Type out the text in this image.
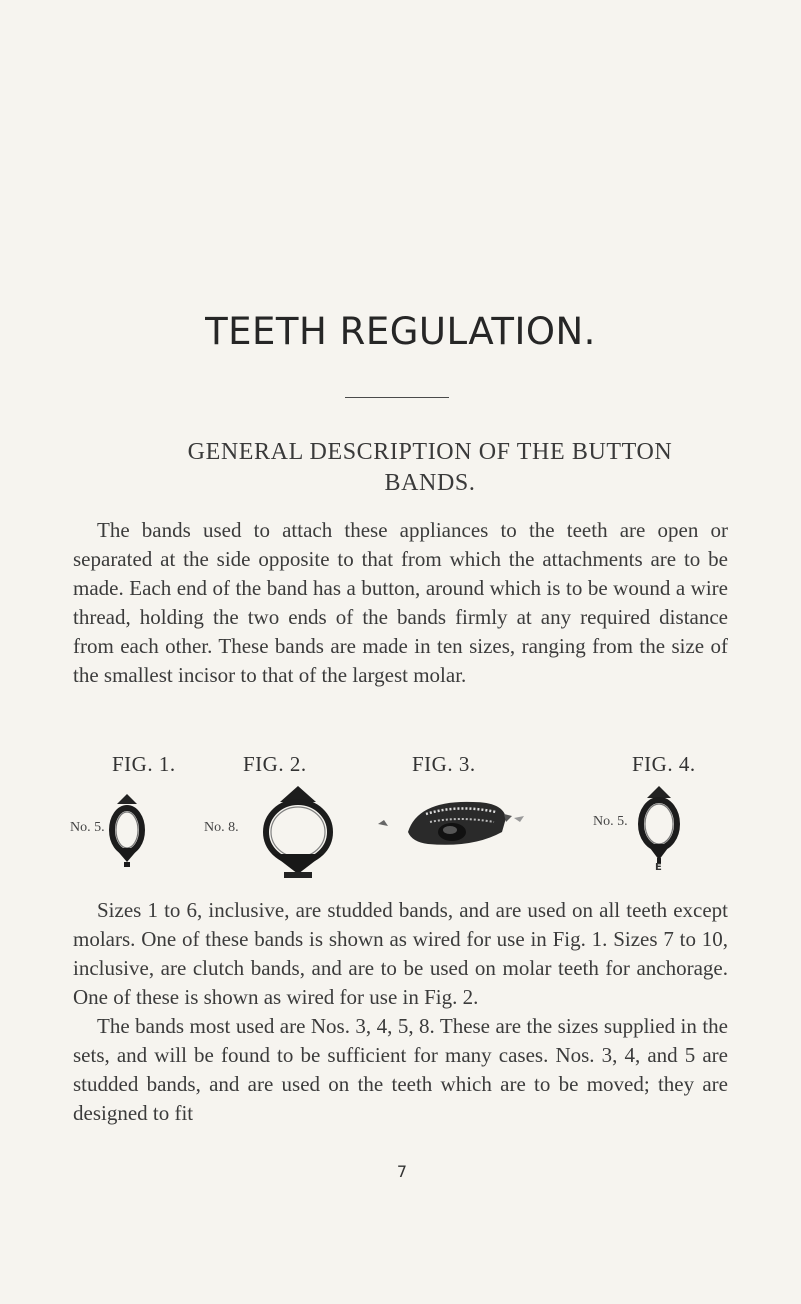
TEETH REGULATION.
GENERAL DESCRIPTION OF THE BUTTON
BANDS.
The bands used to attach these appliances to the teeth are open or separated at the side opposite to that from which the attachments are to be made. Each end of the band has a button, around which is to be wound a wire thread, holding the two ends of the bands firmly at any required distance from each other. These bands are made in ten sizes, ranging from the size of the smallest incisor to that of the largest molar.
FIG. 1.
No. 5.
FIG. 2.
No. 8.
FIG. 3.	FIG. 4.
No. 5.
E
Sizes 1 to 6, inclusive, are studded bands, and are used on all teeth except molars. One of these bands is shown as wired for use in Fig. 1. Sizes 7 to 10, inclusive, are clutch bands, and are to be used on molar teeth for anchorage. One of these is shown as wired for use in Fig. 2.
The bands most used are Nos. 3, 4, 5, 8. These are the sizes supplied in the sets, and will be found to be sufficient for many cases. Nos. 3, 4, and 5 are studded bands, and are used on the teeth which are to be moved; they are designed to fit
7
